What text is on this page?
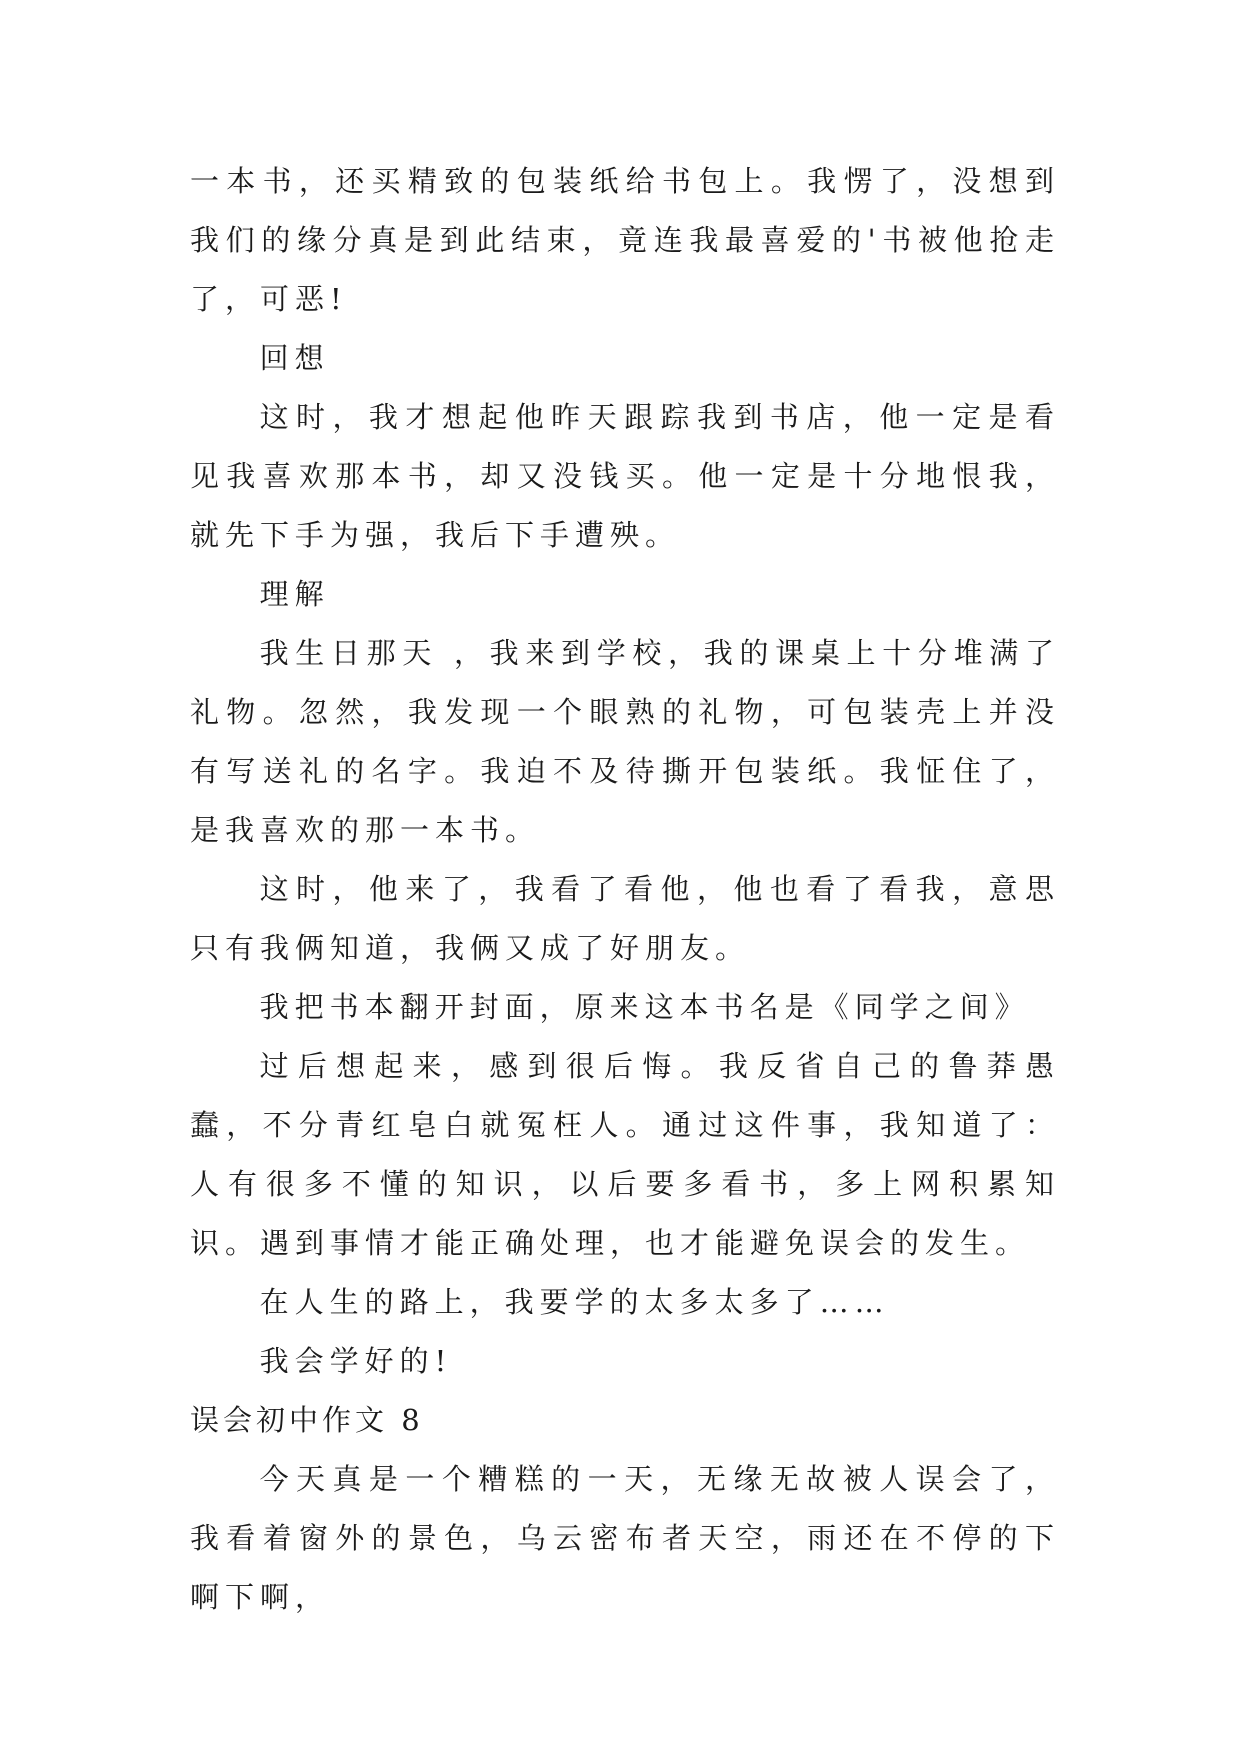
一本书，还买精致的包装纸给书包上。我愣了，没想到我们的缘分真是到此结束，竟连我最喜爱的'书被他抢走了，可恶!

回想

这时，我才想起他昨天跟踪我到书店，他一定是看见我喜欢那本书，却又没钱买。他一定是十分地恨我，就先下手为强，我后下手遭殃。

理解

我生日那天 ，我来到学校，我的课桌上十分堆满了礼物。忽然，我发现一个眼熟的礼物，可包装壳上并没有写送礼的名字。我迫不及待撕开包装纸。我怔住了，是我喜欢的那一本书。

这时，他来了，我看了看他，他也看了看我，意思只有我俩知道，我俩又成了好朋友。

我把书本翻开封面，原来这本书名是《同学之间》

过后想起来，感到很后悔。我反省自己的鲁莽愚蠢，不分青红皂白就冤枉人。通过这件事，我知道了：人有很多不懂的知识，以后要多看书，多上网积累知识。遇到事情才能正确处理，也才能避免误会的发生。

在人生的路上，我要学的太多太多了……

我会学好的!

误会初中作文 8

今天真是一个糟糕的一天，无缘无故被人误会了，我看着窗外的景色，乌云密布者天空，雨还在不停的下啊下啊，
